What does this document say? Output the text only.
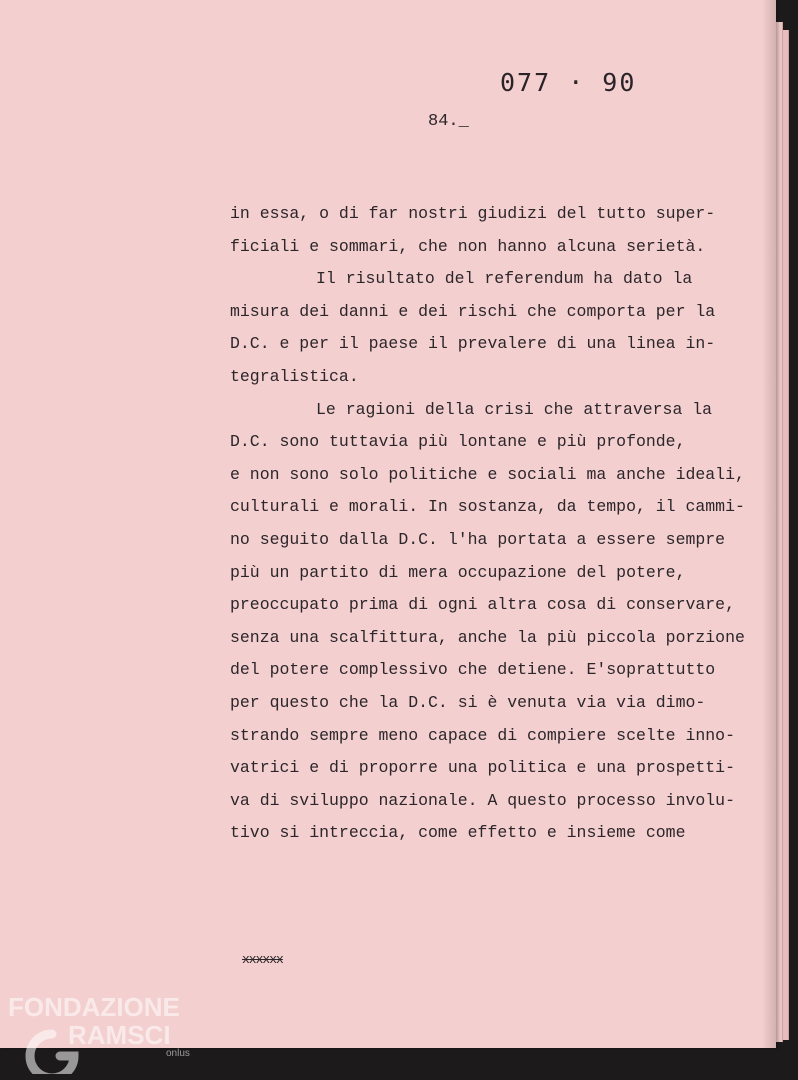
077 · 90
84._
in essa, o di far nostri giudizi del tutto super-
ficiali e sommari, che non hanno alcuna serietà.
Il risultato del referendum ha dato la
misura dei danni e dei rischi che comporta per la
D.C. e per il paese il prevalere di una linea in-
tegralistica.
Le ragioni della crisi che attraversa la
D.C. sono tuttavia più lontane e più profonde,
e non sono solo politiche e sociali ma anche ideali,
culturali e morali. In sostanza, da tempo, il cammi-
no seguito dalla D.C. l'ha portata a essere sempre
più un partito di mera occupazione del potere,
preoccupato prima di ogni altra cosa di conservare,
senza una scalfittura, anche la più piccola porzione
del potere complessivo che detiene. E'soprattutto
per questo che la D.C. si è venuta via via dimo-
strando sempre meno capace di compiere scelte inno-
vatrici e di proporre una politica e una prospetti-
va di sviluppo nazionale. A questo processo involu-
tivo si intreccia, come effetto e insieme come
xxxxxx
FONDAZIONE
RAMSCI
onlus
